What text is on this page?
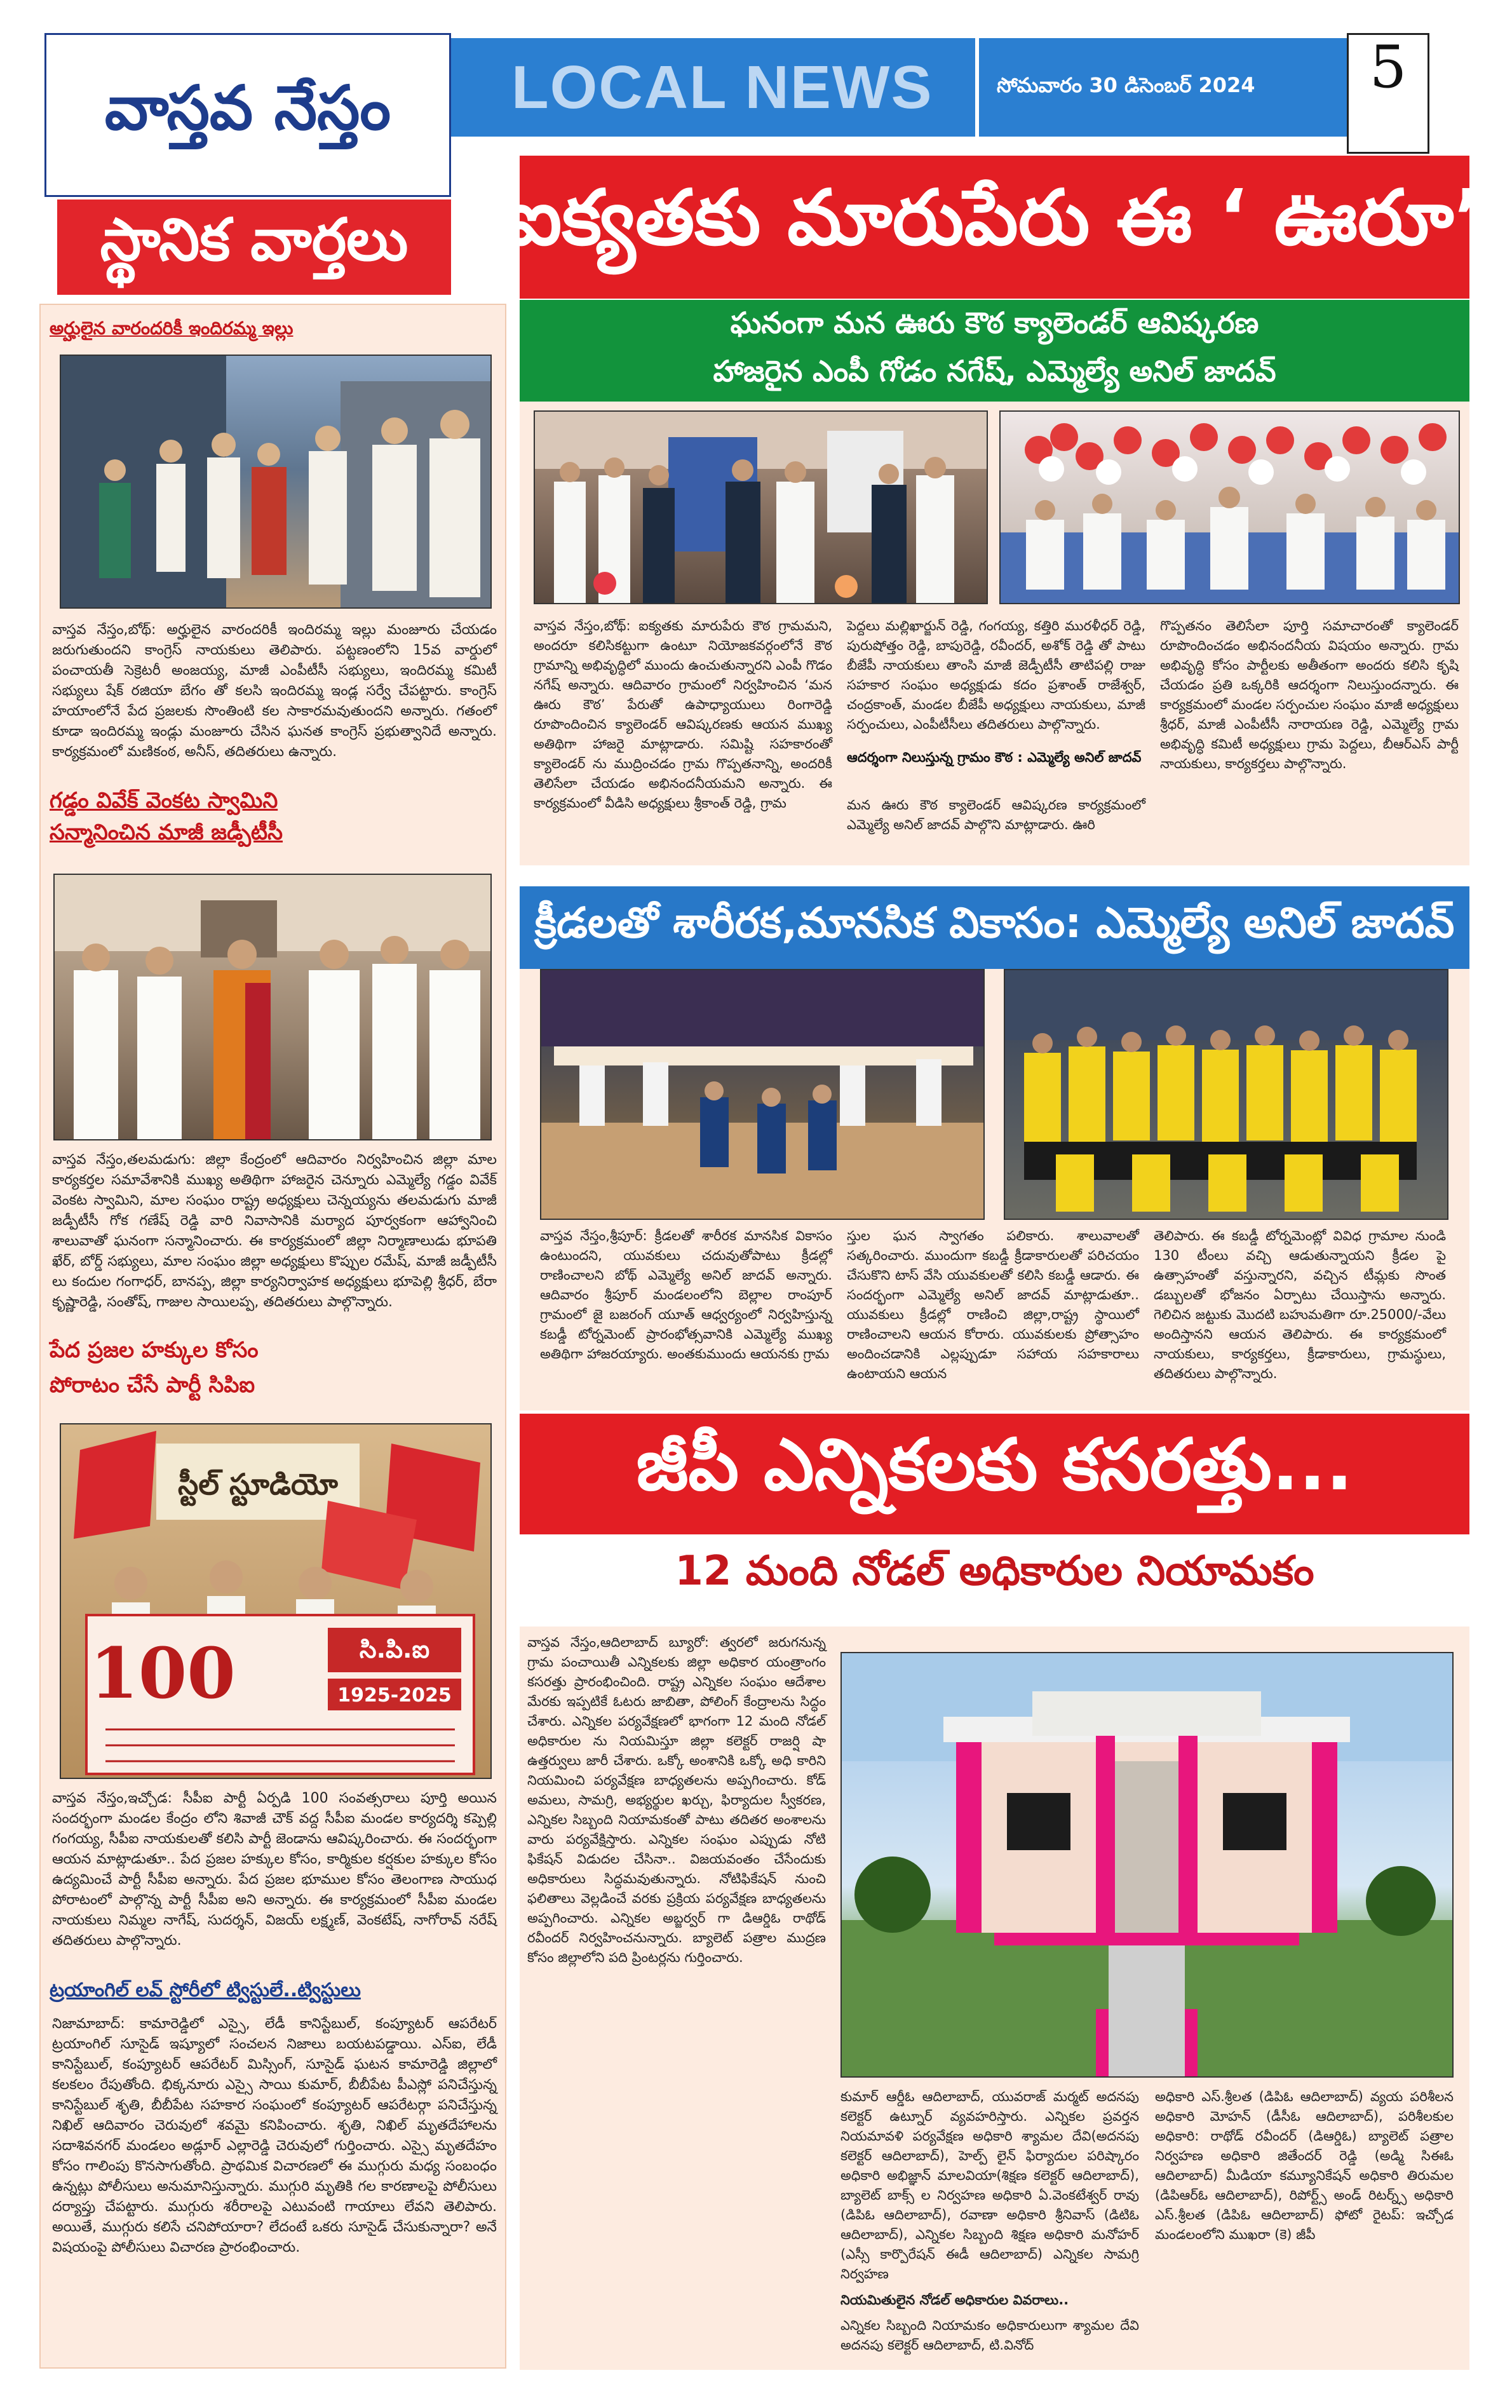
వాస్తవ నేస్తం
స్థానిక వార్తలు
LOCAL NEWS	సోమవారం 30 డిసెంబర్ 2024 5
అర్హులైన వారందరికీ ఇందిరమ్మ ఇల్లు
వాస్తవ నేస్తం,బోథ్: అర్హులైన వారందరికీ ఇందిరమ్మ ఇల్లు మంజూరు చేయడం జరుగుతుందని కాంగ్రెస్ నాయకులు తెలిపారు. పట్టణంలోని 15వ వార్డులో పంచాయతీ సెక్రెటరీ అంజయ్య, మాజీ ఎంపీటీసీ సభ్యులు, ఇందిరమ్మ కమిటీ సభ్యులు షేక్ రజియా బేగం తో కలసి ఇందిరమ్మ ఇండ్ల సర్వే చేపట్టారు. కాంగ్రెస్ హయాంలోనే పేద ప్రజలకు సొంతింటి కల సాకారమవుతుందని అన్నారు. గతంలో కూడా ఇందిరమ్మ ఇండ్లు మంజూరు చేసిన ఘనత కాంగ్రెస్ ప్రభుత్వానిదే అన్నారు. కార్యక్రమంలో మణికంఠ, అనీస్, తదితరులు ఉన్నారు.
గడ్డం వివేక్ వెంకట స్వామిని
సన్మానించిన మాజీ జడ్పీటీసీ
వాస్తవ నేస్తం,తలమడుగు: జిల్లా కేంద్రంలో ఆదివారం నిర్వహించిన జిల్లా మాల కార్యకర్తల సమావేశానికి ముఖ్య అతిథిగా హాజరైన చెన్నూరు ఎమ్మెల్యే గడ్డం వివేక్ వెంకట స్వామిని, మాల సంఘం రాష్ట్ర అధ్యక్షులు చెన్నయ్యను తలమడుగు మాజీ జడ్పీటీసీ గోక గణేష్ రెడ్డి వారి నివాసానికి మర్యాద పూర్వకంగా ఆహ్వానించి శాలువాతో ఘనంగా సన్మానించారు. ఈ కార్యక్రమంలో జిల్లా నిర్మాణాలుడు భూపతి ఖేర్, బోర్డ్ సభ్యులు, మాల సంఘం జిల్లా అధ్యక్షులు కొప్పుల రమేష్, మాజీ జడ్పీటీసీ లు కందుల గంగాధర్, బానప్ప, జిల్లా కార్యనిర్వాహక అధ్యక్షులు భూపెల్లి శ్రీధర్, బేరా కృష్ణారెడ్డి, సంతోష్, గాజుల సాయిలప్ప, తదితరులు పాల్గొన్నారు.
పేద ప్రజల హక్కుల కోసం
పోరాటం చేసే పార్టీ సిపిఐ
స్టీల్ స్టూడియో
సి.పి.ఐ
100	1925-2025
వాస్తవ నేస్తం,ఇచ్చోడ: సీపీఐ పార్టీ ఏర్పడి 100 సంవత్సరాలు పూర్తి అయిన సందర్భంగా మండల కేంద్రం లోని శివాజీ చౌక్ వద్ద సీపీఐ మండల కార్యదర్శి కప్పెల్లి గంగయ్య, సీపీఐ నాయకులతో కలిసి పార్టీ జెండాను ఆవిష్కరించారు. ఈ సందర్భంగా ఆయన మాట్లాడుతూ.. పేద ప్రజల హక్కుల కోసం, కార్మికుల కర్షకుల హక్కుల కోసం ఉద్యమించే పార్టీ సీపీఐ అన్నారు. పేద ప్రజల భూముల కోసం తెలంగాణ సాయుధ పోరాటంలో పాల్గొన్న పార్టీ సీపీఐ అని అన్నారు. ఈ కార్యక్రమంలో సీపీఐ మండల నాయకులు నిమ్మల నాగేష్, సుదర్శన్, విజయ్ లక్ష్మణ్, వెంకటేష్, నాగోరావ్ నరేష్ తదితరులు పాల్గొన్నారు.
ట్రయాంగిల్ లవ్ స్టోరీలో ట్విస్టులే..ట్విస్టులు
నిజామాబాద్: కామారెడ్డిలో ఎస్సై, లేడీ కానిస్టేబుల్, కంప్యూటర్ ఆపరేటర్ ట్రయాంగిల్ సూసైడ్ ఇష్యూలో సంచలన నిజాలు బయటపడ్డాయి. ఎస్ఐ, లేడీ కానిస్టేబుల్, కంప్యూటర్ ఆపరేటర్ మిస్సింగ్, సూసైడ్ ఘటన కామారెడ్డి జిల్లాలో కలకలం రేపుతోంది. భిక్కనూరు ఎస్సై సాయి కుమార్, బీబీపేట పీఎస్లో పనిచేస్తున్న కానిస్టేబుల్ శృతి, బీబీపేట సహకార సంఘంలో కంప్యూటర్ ఆపరేటర్గా పనిచేస్తున్న నిఖిల్ ఆదివారం చెరువులో శవమై కనిపించారు. శృతి, నిఖిల్ మృతదేహాలను సదాశివనగర్ మండలం అడ్లూర్ ఎల్లారెడ్డి చెరువులో గుర్తించారు. ఎస్సై మృతదేహం కోసం గాలింపు కొనసాగుతోంది. ప్రాథమిక విచారణలో ఈ ముగ్గురు మధ్య సంబంధం ఉన్నట్లు పోలీసులు అనుమానిస్తున్నారు. ముగ్గురి మృతికి గల కారణాలపై పోలీసులు దర్యాప్తు చేపట్టారు. ముగ్గురు శరీరాలపై ఎటువంటి గాయాలు లేవని తెలిపారు. అయితే, ముగ్గురు కలిసే చనిపోయారా? లేదంటే ఒకరు సూసైడ్ చేసుకున్నారా? అనే విషయంపై పోలీసులు విచారణ ప్రారంభించారు.
ఐక్యతకు మారుపేరు ఈ ‘ ఊరూ’
ఘనంగా మన ఊరు కౌఠ క్యాలెండర్ ఆవిష్కరణ
హాజరైన ఎంపీ గోడం నగేష్, ఎమ్మెల్యే అనిల్ జాదవ్
వాస్తవ నేస్తం,బోథ్: ఐక్యతకు మారుపేరు కౌఠ గ్రామమని, అందరూ కలిసికట్టుగా ఉంటూ నియోజకవర్గంలోనే కౌఠ గ్రామాన్ని అభివృద్ధిలో ముందు ఉంచుతున్నారని ఎంపీ గొడం నగేష్ అన్నారు. ఆదివారం గ్రామంలో నిర్వహించిన ‘మన ఊరు కౌఠ’ పేరుతో ఉపాధ్యాయులు రింగారెడ్డి రూపొందించిన క్యాలెండర్ ఆవిష్కరణకు ఆయన ముఖ్య అతిథిగా హాజరై మాట్లాడారు. సమిష్టి సహకారంతో క్యాలెండర్ ను ముద్రించడం గ్రామ గొప్పతనాన్ని, అందరికీ తెలిసేలా చేయడం అభినందనీయమని అన్నారు. ఈ కార్యక్రమంలో వీడిసి అధ్యక్షులు శ్రీకాంత్ రెడ్డి, గ్రామ
పెద్దలు మల్లిఖార్జున్ రెడ్డి, గంగయ్య, కత్తిరి మురళీధర్ రెడ్డి, పురుషోత్తం రెడ్డి, బాపురెడ్డి, రవీందర్, అశోక్ రెడ్డి తో పాటు బీజేపీ నాయకులు తాంసి మాజీ జెడ్పీటీసీ తాటిపల్లి రాజు సహకార సంఘం అధ్యక్షుడు కదం ప్రశాంత్ రాజేశ్వర్, చంద్రకాంత్, మండల బీజేపీ అధ్యక్షులు నాయకులు, మాజీ సర్పంచులు, ఎంపీటీసీలు తదితరులు పాల్గొన్నారు.
ఆదర్శంగా నిలుస్తున్న గ్రామం కౌఠ : ఎమ్మెల్యే అనిల్ జాదవ్
మన ఊరు కౌఠ క్యాలెండర్ ఆవిష్కరణ కార్యక్రమంలో ఎమ్మెల్యే అనిల్ జాదవ్ పాల్గొని మాట్లాడారు. ఊరి
గొప్పతనం తెలిసేలా పూర్తి సమాచారంతో క్యాలెండర్ రూపొందించడం అభినందనీయ విషయం అన్నారు. గ్రామ అభివృద్ధి కోసం పార్టీలకు అతీతంగా అందరు కలిసి కృషి చేయడం ప్రతి ఒక్కరికి ఆదర్శంగా నిలుస్తుందన్నారు. ఈ కార్యక్రమంలో మండల సర్పంచుల సంఘం మాజీ అధ్యక్షులు శ్రీధర్, మాజీ ఎంపీటీసీ నారాయణ రెడ్డి, ఎమ్మెల్యే గ్రామ అభివృద్ధి కమిటీ అధ్యక్షులు గ్రామ పెద్దలు, బీఆర్ఎస్ పార్టీ నాయకులు, కార్యకర్తలు పాల్గొన్నారు.
క్రీడలతో శారీరక,మానసిక వికాసం: ఎమ్మెల్యే అనిల్ జాదవ్
వాస్తవ నేస్తం,శ్రీపూర్: క్రీడలతో శారీరక మానసిక వికాసం ఉంటుందని, యువకులు చదువుతోపాటు క్రీడల్లో రాణించాలని బోథ్ ఎమ్మెల్యే అనిల్ జాదవ్ అన్నారు. ఆదివారం శ్రీపూర్ మండలంలోని బెల్లాల రాంపూర్ గ్రామంలో జై బజరంగ్ యూత్ ఆధ్వర్యంలో నిర్వహిస్తున్న కబడ్డీ టోర్నమెంట్ ప్రారంభోత్సవానికి ఎమ్మెల్యే ముఖ్య అతిథిగా హాజరయ్యారు. అంతకుముందు ఆయనకు గ్రామ
స్తుల ఘన స్వాగతం పలికారు. శాలువాలతో సత్కరించారు. ముందుగా కబడ్డీ క్రీడాకారులతో పరిచయం చేసుకొని టాస్ వేసి యువకులతో కలిసి కబడ్డీ ఆడారు. ఈ సందర్భంగా ఎమ్మెల్యే అనిల్ జాదవ్ మాట్లాడుతూ.. యువకులు క్రీడల్లో రాణించి జిల్లా,రాష్ట్ర స్థాయిలో రాణించాలని ఆయన కోరారు. యువకులకు ప్రోత్సాహం అందించడానికి ఎల్లప్పుడూ సహాయ సహకారాలు ఉంటాయని ఆయన
తెలిపారు. ఈ కబడ్డీ టోర్నమెంట్లో వివిధ గ్రామాల నుండి 130 టీంలు వచ్చి ఆడుతున్నాయని క్రీడల పై ఉత్సాహంతో వస్తున్నారని, వచ్చిన టీమ్లకు సొంత డబ్బులతో భోజనం ఏర్పాటు చేయిస్తాను అన్నారు. గెలిచిన జట్టుకు మొదటి బహుమతిగా రూ.25000/-వేలు అందిస్తానని ఆయన తెలిపారు. ఈ కార్యక్రమంలో నాయకులు, కార్యకర్తలు, క్రీడాకారులు, గ్రామస్థులు, తదితరులు పాల్గొన్నారు.
జీపీ ఎన్నికలకు కసరత్తు...
12 మంది నోడల్ అధికారుల నియామకం
వాస్తవ నేస్తం,ఆదిలాబాద్ బ్యూరో: త్వరలో జరుగనున్న గ్రామ పంచాయితీ ఎన్నికలకు జిల్లా అధికార యంత్రాంగం కసరత్తు ప్రారంభించింది. రాష్ట్ర ఎన్నికల సంఘం ఆదేశాల మేరకు ఇప్పటికే ఓటరు జాబితా, పోలింగ్ కేంద్రాలను సిద్ధం చేశారు. ఎన్నికల పర్యవేక్షణలో భాగంగా 12 మంది నోడల్ అధికారుల ను నియమిస్తూ జిల్లా కలెక్టర్ రాజర్షి షా ఉత్తర్వులు జారీ చేశారు. ఒక్కో అంశానికి ఒక్కో అధి కారిని నియమించి పర్యవేక్షణ బాధ్యతలను అప్పగించారు. కోడ్ అమలు, సామగ్రి, అభ్యర్థుల ఖర్చు, ఫిర్యాదుల స్వీకరణ, ఎన్నికల సిబ్బంది నియామకంతో పాటు తదితర అంశాలను వారు పర్యవేక్షిస్తారు. ఎన్నికల సంఘం ఎప్పుడు నోటి ఫికేషన్ విడుదల చేసినా.. విజయవంతం చేసేందుకు అధికారులు సిద్ధమవుతున్నారు. నోటిఫికేషన్ నుంచి ఫలితాలు వెల్లడించే వరకు ప్రక్రియ పర్యవేక్షణ బాధ్యతలను అప్పగించారు. ఎన్నికల అబ్జర్వర్ గా డిఆర్డిఓ రాథోడ్ రవీందర్ నిర్వహించనున్నారు. బ్యాలెట్ పత్రాల ముద్రణ కోసం జిల్లాలోని పది ప్రింటర్లను గుర్తించారు.
కుమార్ ఆర్డీఓ ఆదిలాబాద్, యువరాజ్ మర్మట్ అదనపు కలెక్టర్ ఉట్నూర్ వ్యవహరిస్తారు. ఎన్నికల ప్రవర్తన నియమావళి పర్యవేక్షణ అధికారి శ్యామల దేవి(అదనపు కలెక్టర్ ఆదిలాబాద్), హెల్ప్ లైన్ ఫిర్యాదుల పరిష్కారం అధికారి అభిజ్ఞాన్ మాలవియా(శిక్షణ కలెక్టర్ ఆదిలాబాద్), బ్యాలెట్ బాక్స్ ల నిర్వహణ అధికారి ఏ.వెంకటేశ్వర్ రావు (డిపిఓ ఆదిలాబాద్), రవాణా అధికారి శ్రీనివాస్ (డిటిఓ ఆదిలాబాద్), ఎన్నికల సిబ్బంది శిక్షణ అధికారి మనోహర్ (ఎస్సీ కార్పొరేషన్ ఈడీ ఆదిలాబాద్) ఎన్నికల సామగ్రి నిర్వహణ
నియమితులైన నోడల్ అధికారుల వివరాలు..
ఎన్నికల సిబ్బంది నియామకం అధికారులుగా శ్యామల దేవి అదనపు కలెక్టర్ ఆదిలాబాద్, టి.వినోద్
అధికారి ఎస్.శ్రీలత (డిపిఓ ఆదిలాబాద్) వ్యయ పరిశీలన అధికారి మోహన్ (డీసీఓ ఆదిలాబాద్), పరిశీలకుల అధికారి: రాథోడ్ రవీందర్ (డిఆర్డిఓ) బ్యాలెట్ పత్రాల నిర్వహణ అధికారి జితేందర్ రెడ్డి (అడ్మి సిఈఓ ఆదిలాబాద్) మీడియా కమ్యూనికేషన్ అధికారి తిరుమల (డిపిఆర్ఓ ఆదిలాబాద్), రిపోర్ట్స్ అండ్ రిటర్న్స్ అధికారి ఎస్.శ్రీలత (డిపిఓ ఆదిలాబాద్) ఫోటో రైటప్: ఇచ్చోడ మండలంలోని ముఖరా (కె) జీపీ
